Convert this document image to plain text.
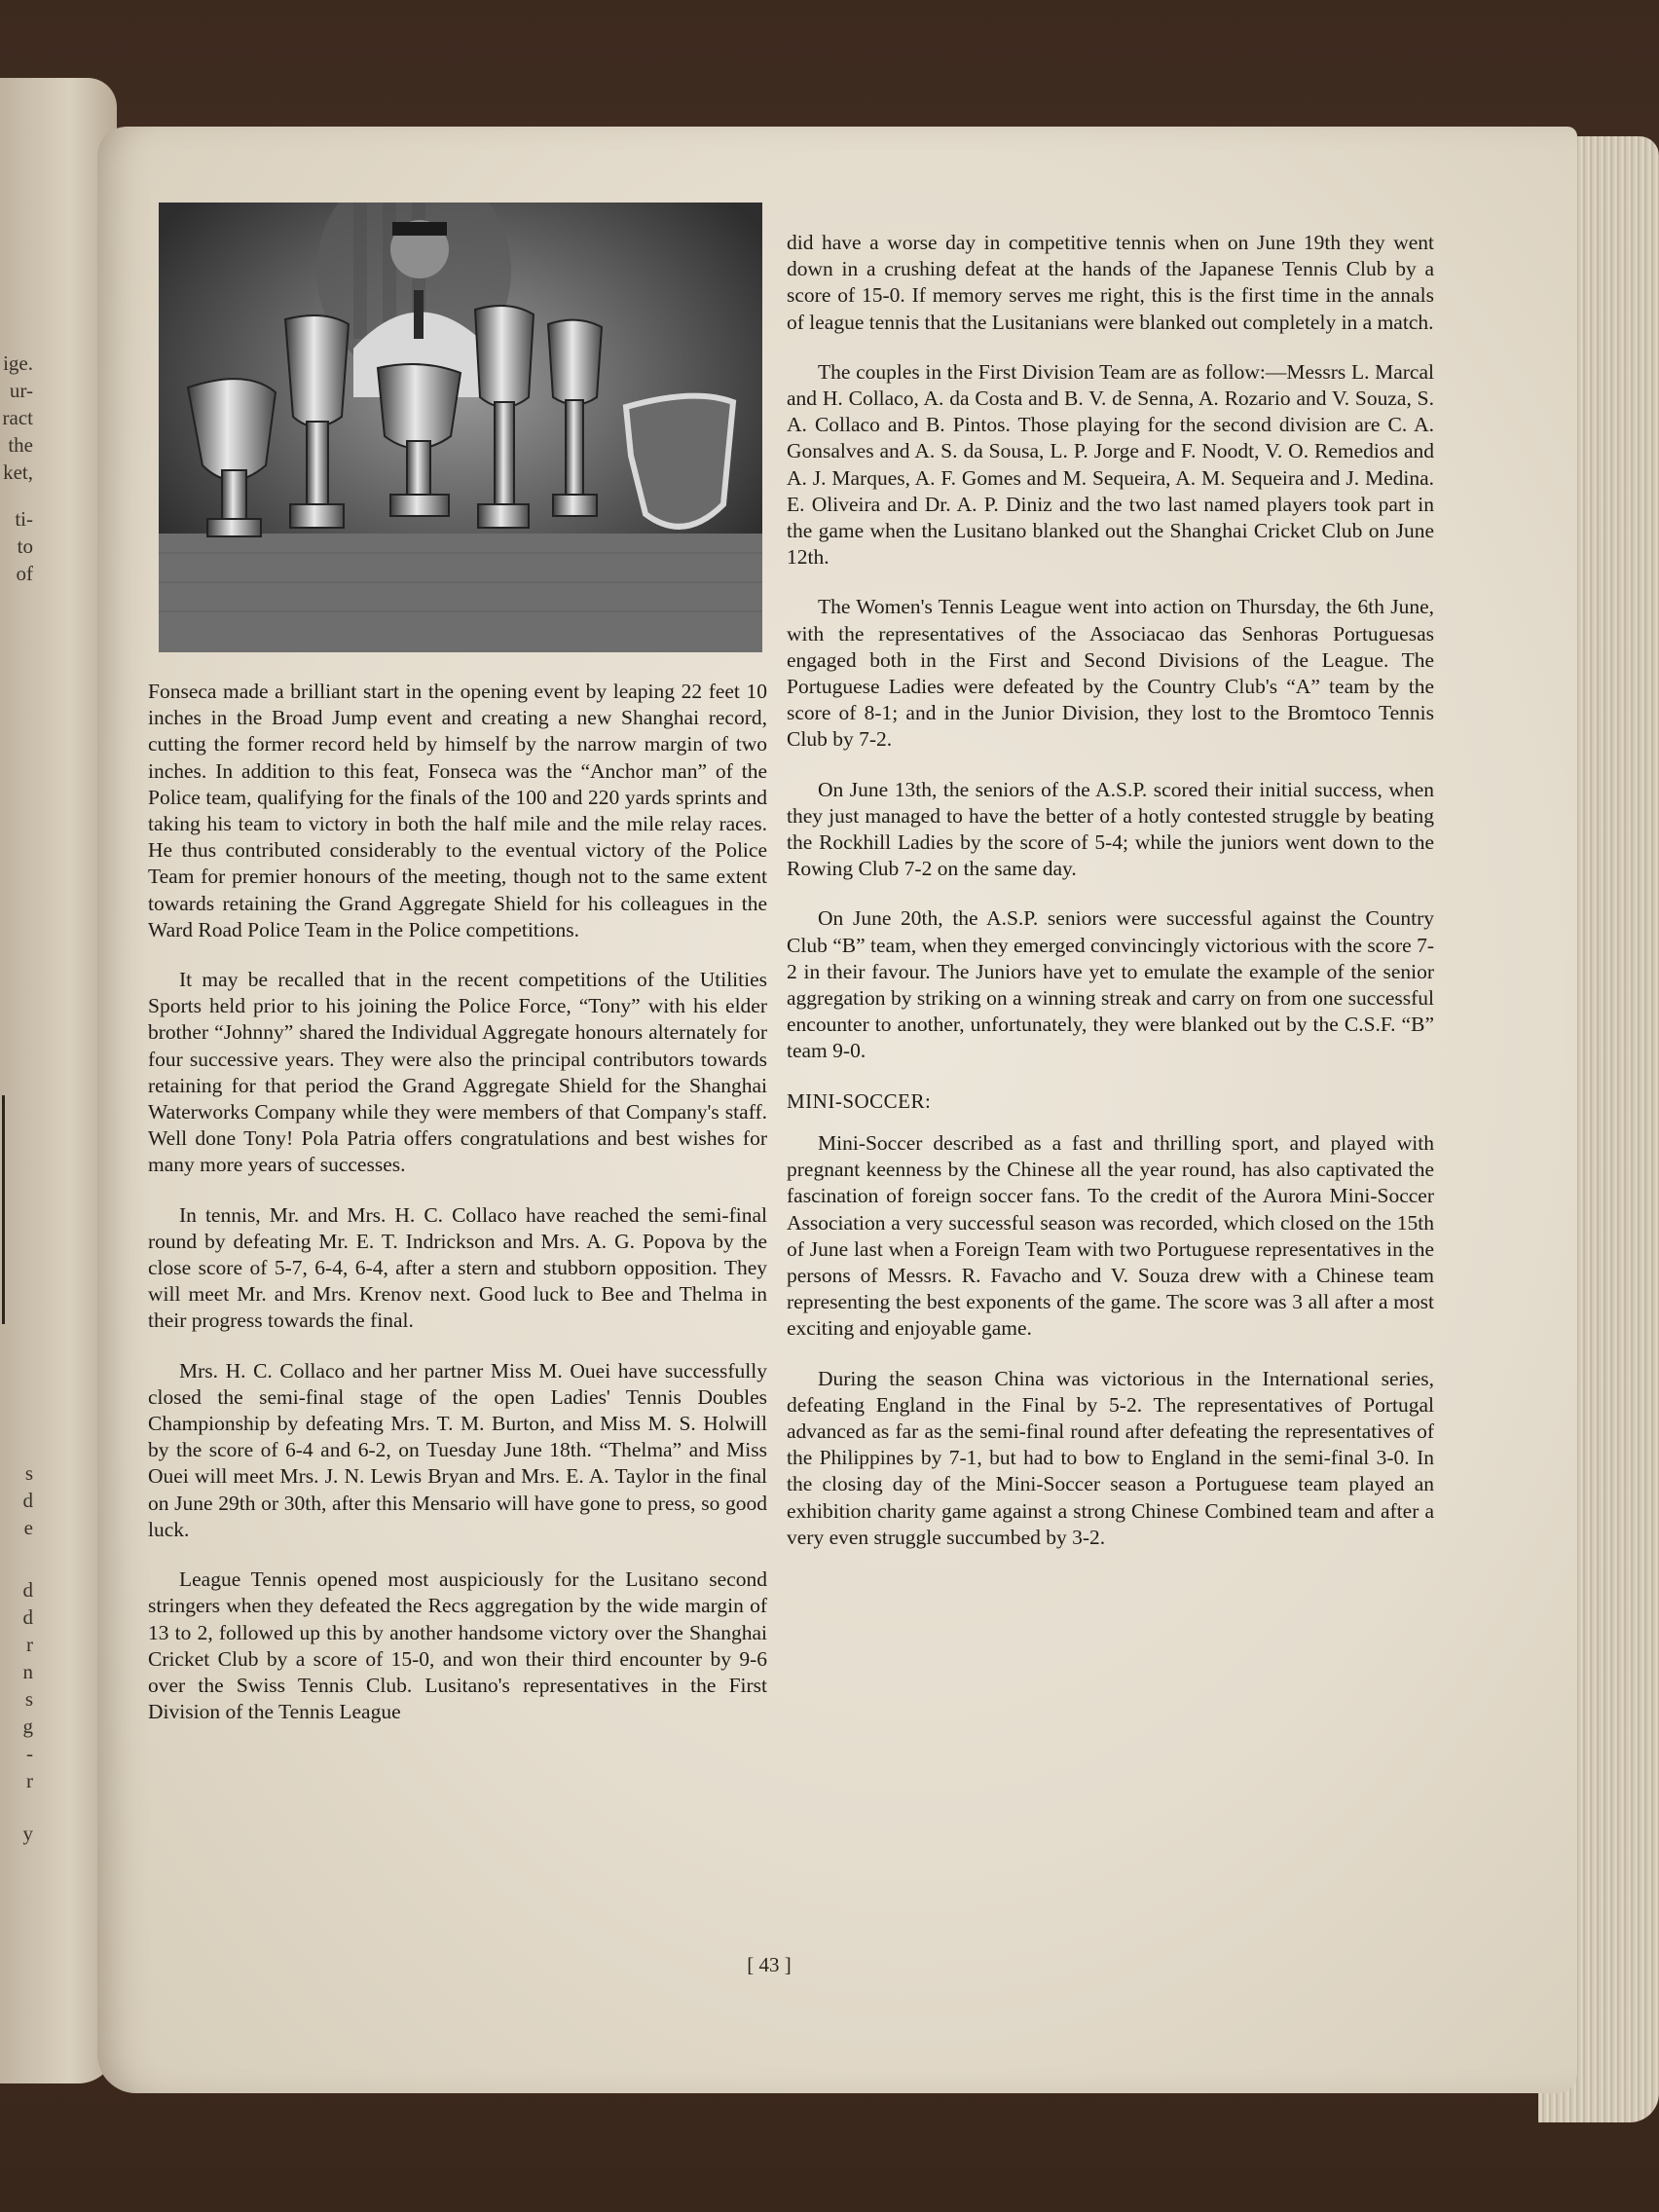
ige.
ur-
ract
the
ket,
ti-
to
of
s
d
e
d
d
r
n
s
g
-
r
y

Fonseca made a brilliant start in the opening event by leaping 22 feet 10 inches in the Broad Jump event and creating a new Shanghai record, cutting the former record held by himself by the narrow margin of two inches. In addition to this feat, Fonseca was the “Anchor man” of the Police team, qualifying for the finals of the 100 and 220 yards sprints and taking his team to victory in both the half mile and the mile relay races. He thus contributed considerably to the eventual victory of the Police Team for premier honours of the meeting, though not to the same extent towards retaining the Grand Aggregate Shield for his colleagues in the Ward Road Police Team in the Police competitions.

It may be recalled that in the recent competitions of the Utilities Sports held prior to his joining the Police Force, “Tony” with his elder brother “Johnny” shared the Individual Aggregate honours alternately for four successive years. They were also the principal contributors towards retaining for that period the Grand Aggregate Shield for the Shanghai Waterworks Company while they were members of that Company's staff. Well done Tony! Pola Patria offers congratulations and best wishes for many more years of successes.

In tennis, Mr. and Mrs. H. C. Collaco have reached the semi-final round by defeating Mr. E. T. Indrickson and Mrs. A. G. Popova by the close score of 5-7, 6-4, 6-4, after a stern and stubborn opposition. They will meet Mr. and Mrs. Krenov next. Good luck to Bee and Thelma in their progress towards the final.

Mrs. H. C. Collaco and her partner Miss M. Ouei have successfully closed the semi-final stage of the open Ladies' Tennis Doubles Championship by defeating Mrs. T. M. Burton, and Miss M. S. Holwill by the score of 6-4 and 6-2, on Tuesday June 18th. “Thelma” and Miss Ouei will meet Mrs. J. N. Lewis Bryan and Mrs. E. A. Taylor in the final on June 29th or 30th, after this Mensario will have gone to press, so good luck.

League Tennis opened most auspiciously for the Lusitano second stringers when they defeated the Recs aggregation by the wide margin of 13 to 2, followed up this by another handsome victory over the Shanghai Cricket Club by a score of 15-0, and won their third encounter by 9-6 over the Swiss Tennis Club. Lusitano's representatives in the First Division of the Tennis League

did have a worse day in competitive tennis when on June 19th they went down in a crushing defeat at the hands of the Japanese Tennis Club by a score of 15-0. If memory serves me right, this is the first time in the annals of league tennis that the Lusitanians were blanked out completely in a match.

The couples in the First Division Team are as follow:—Messrs L. Marcal and H. Collaco, A. da Costa and B. V. de Senna, A. Rozario and V. Souza, S. A. Collaco and B. Pintos. Those playing for the second division are C. A. Gonsalves and A. S. da Sousa, L. P. Jorge and F. Noodt, V. O. Remedios and A. J. Marques, A. F. Gomes and M. Sequeira, A. M. Sequeira and J. Medina. E. Oliveira and Dr. A. P. Diniz and the two last named players took part in the game when the Lusitano blanked out the Shanghai Cricket Club on June 12th.

The Women's Tennis League went into action on Thursday, the 6th June, with the representatives of the Associacao das Senhoras Portuguesas engaged both in the First and Second Divisions of the League. The Portuguese Ladies were defeated by the Country Club's “A” team by the score of 8-1; and in the Junior Division, they lost to the Bromtoco Tennis Club by 7-2.

On June 13th, the seniors of the A.S.P. scored their initial success, when they just managed to have the better of a hotly contested struggle by beating the Rockhill Ladies by the score of 5-4; while the juniors went down to the Rowing Club 7-2 on the same day.

On June 20th, the A.S.P. seniors were successful against the Country Club “B” team, when they emerged convincingly victorious with the score 7-2 in their favour. The Juniors have yet to emulate the example of the senior aggregation by striking on a winning streak and carry on from one successful encounter to another, unfortunately, they were blanked out by the C.S.F. “B” team 9-0.

MINI-SOCCER:

Mini-Soccer described as a fast and thrilling sport, and played with pregnant keenness by the Chinese all the year round, has also captivated the fascination of foreign soccer fans. To the credit of the Aurora Mini-Soccer Association a very successful season was recorded, which closed on the 15th of June last when a Foreign Team with two Portuguese representatives in the persons of Messrs. R. Favacho and V. Souza drew with a Chinese team representing the best exponents of the game. The score was 3 all after a most exciting and enjoyable game.

During the season China was victorious in the International series, defeating England in the Final by 5-2. The representatives of Portugal advanced as far as the semi-final round after defeating the representatives of the Philippines by 7-1, but had to bow to England in the semi-final 3-0. In the closing day of the Mini-Soccer season a Portuguese team played an exhibition charity game against a strong Chinese Combined team and after a very even struggle succumbed by 3-2.

[ 43 ]
